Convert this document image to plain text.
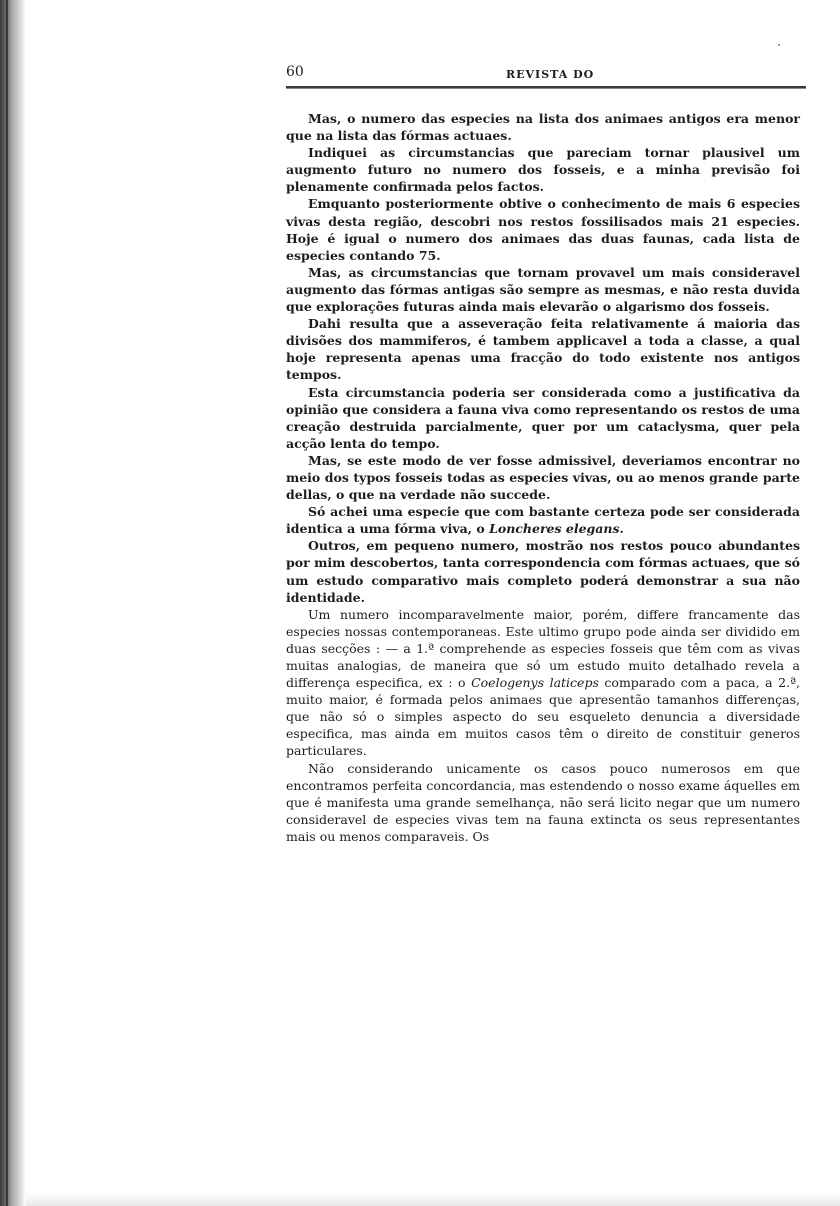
60	REVISTA DO

Mas, o numero das especies na lista dos animaes antigos era menor que na lista das fórmas actuaes.

Indiquei as circumstancias que pareciam tornar plausivel um augmento futuro no numero dos fosseis, e a minha previsão foi plenamente confirmada pelos factos.

Emquanto posteriormente obtive o conhecimento de mais 6 especies vivas desta região, descobri nos restos fossilisados mais 21 especies. Hoje é igual o numero dos animaes das duas faunas, cada lista de especies contando 75.

Mas, as circumstancias que tornam provavel um mais consideravel augmento das fórmas antigas são sempre as mesmas, e não resta duvida que explorações futuras ainda mais elevarão o algarismo dos fosseis.

Dahi resulta que a asseveração feita relativamente á maioria das divisões dos mammiferos, é tambem applicavel a toda a classe, a qual hoje representa apenas uma fracção do todo existente nos antigos tempos.

Esta circumstancia poderia ser considerada como a justificativa da opinião que considera a fauna viva como representando os restos de uma creação destruida parcialmente, quer por um cataclysma, quer pela acção lenta do tempo.

Mas, se este modo de ver fosse admissivel, deveriamos encontrar no meio dos typos fosseis todas as especies vivas, ou ao menos grande parte dellas, o que na verdade não succede.

Só achei uma especie que com bastante certeza pode ser considerada identica a uma fórma viva, o Loncheres elegans.

Outros, em pequeno numero, mostrão nos restos pouco abundantes por mim descobertos, tanta correspondencia com fórmas actuaes, que só um estudo comparativo mais completo poderá demonstrar a sua não identidade.

Um numero incomparavelmente maior, porém, differe francamente das especies nossas contemporaneas. Este ultimo grupo pode ainda ser dividido em duas secções : — a 1.ª comprehende as especies fosseis que têm com as vivas muitas analogias, de maneira que só um estudo muito detalhado revela a differença especifica, ex : o Coelogenys laticeps comparado com a paca, a 2.ª, muito maior, é formada pelos animaes que apresentão tamanhos differenças, que não só o simples aspecto do seu esqueleto denuncia a diversidade especifica, mas ainda em muitos casos têm o direito de constituir generos particulares.

Não considerando unicamente os casos pouco numerosos em que encontramos perfeita concordancia, mas estendendo o nosso exame áquelles em que é manifesta uma grande semelhança, não será licito negar que um numero consideravel de especies vivas tem na fauna extincta os seus representantes mais ou menos comparaveis. Os
